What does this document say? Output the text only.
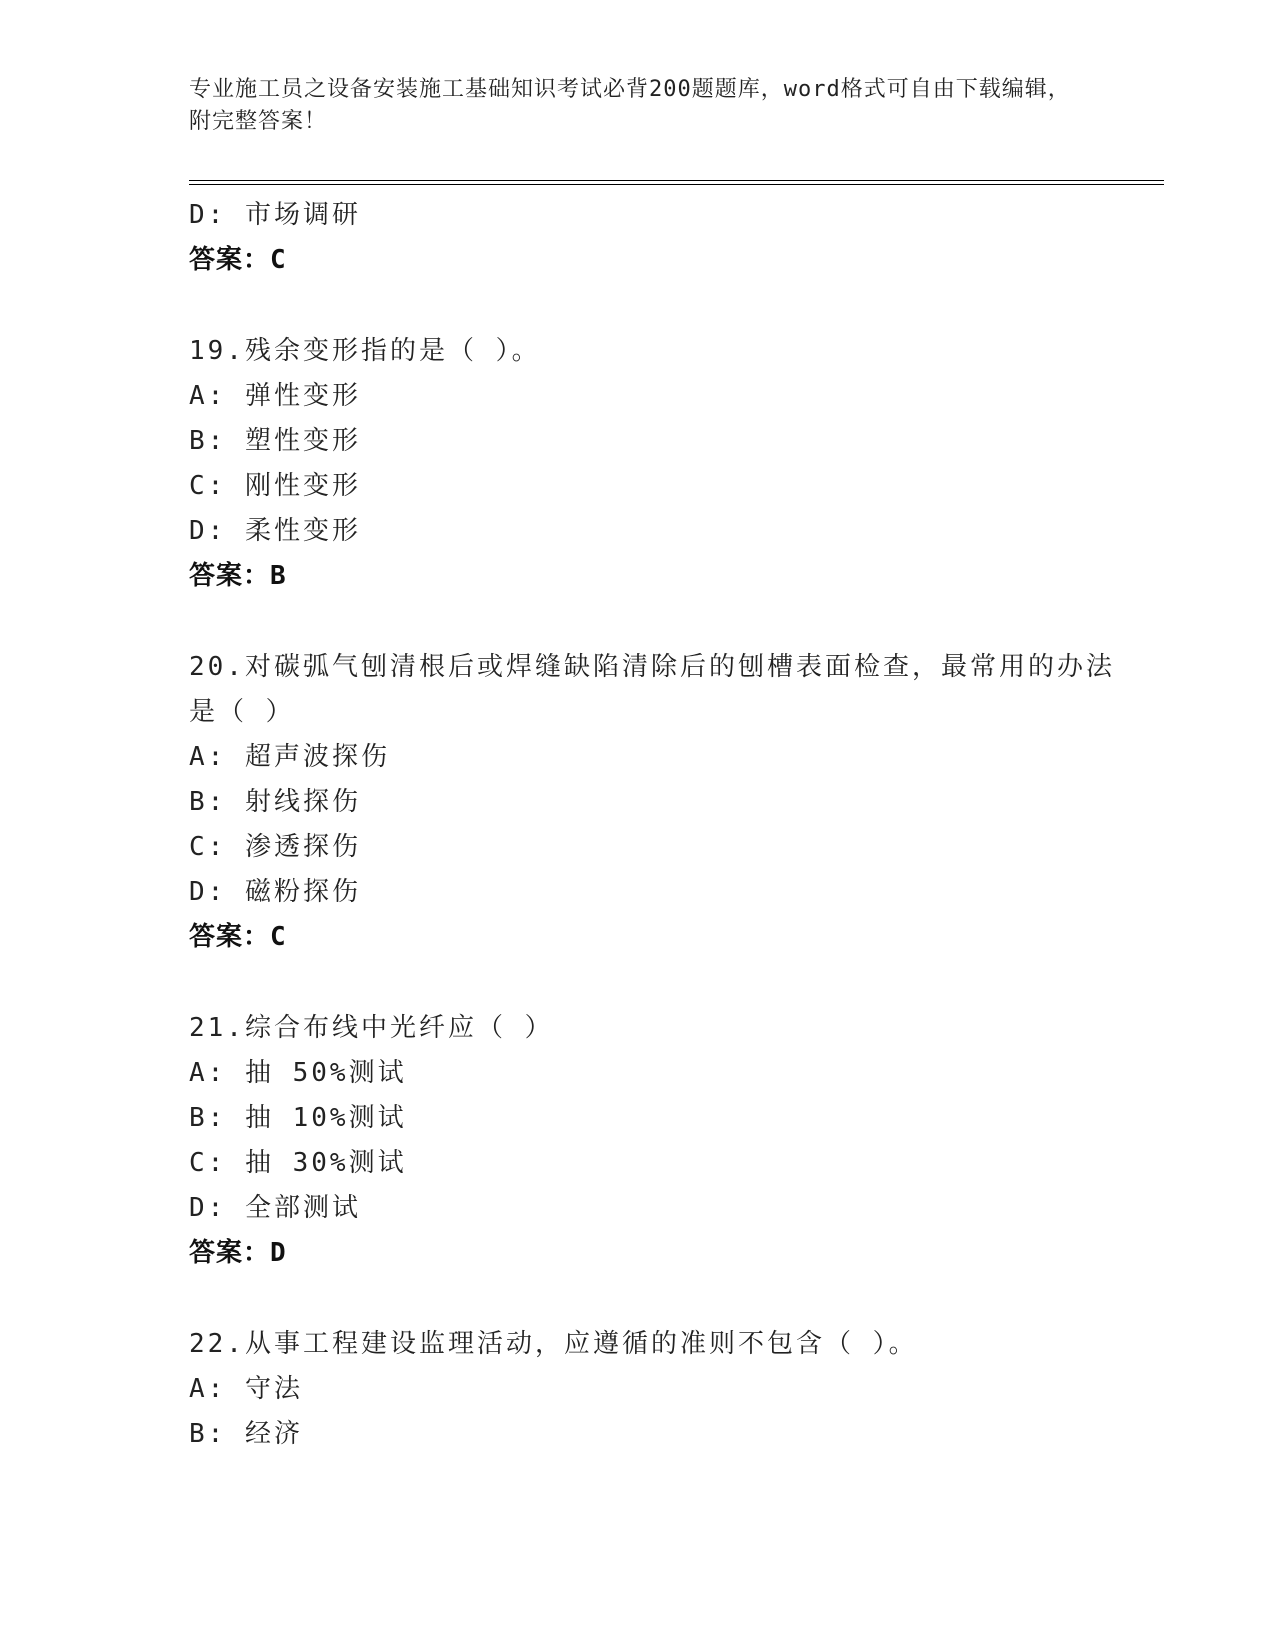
专业施工员之设备安装施工基础知识考试必背200题题库，word格式可自由下载编辑，附完整答案！
D: 市场调研
答案：C
19.残余变形指的是（ ）。
A: 弹性变形
B: 塑性变形
C: 刚性变形
D: 柔性变形
答案：B
20.对碳弧气刨清根后或焊缝缺陷清除后的刨槽表面检查，最常用的办法是（ ）
A: 超声波探伤
B: 射线探伤
C: 渗透探伤
D: 磁粉探伤
答案：C
21.综合布线中光纤应（ ）
A: 抽 50%测试
B: 抽 10%测试
C: 抽 30%测试
D: 全部测试
答案：D
22.从事工程建设监理活动，应遵循的准则不包含（ ）。
A: 守法
B: 经济
